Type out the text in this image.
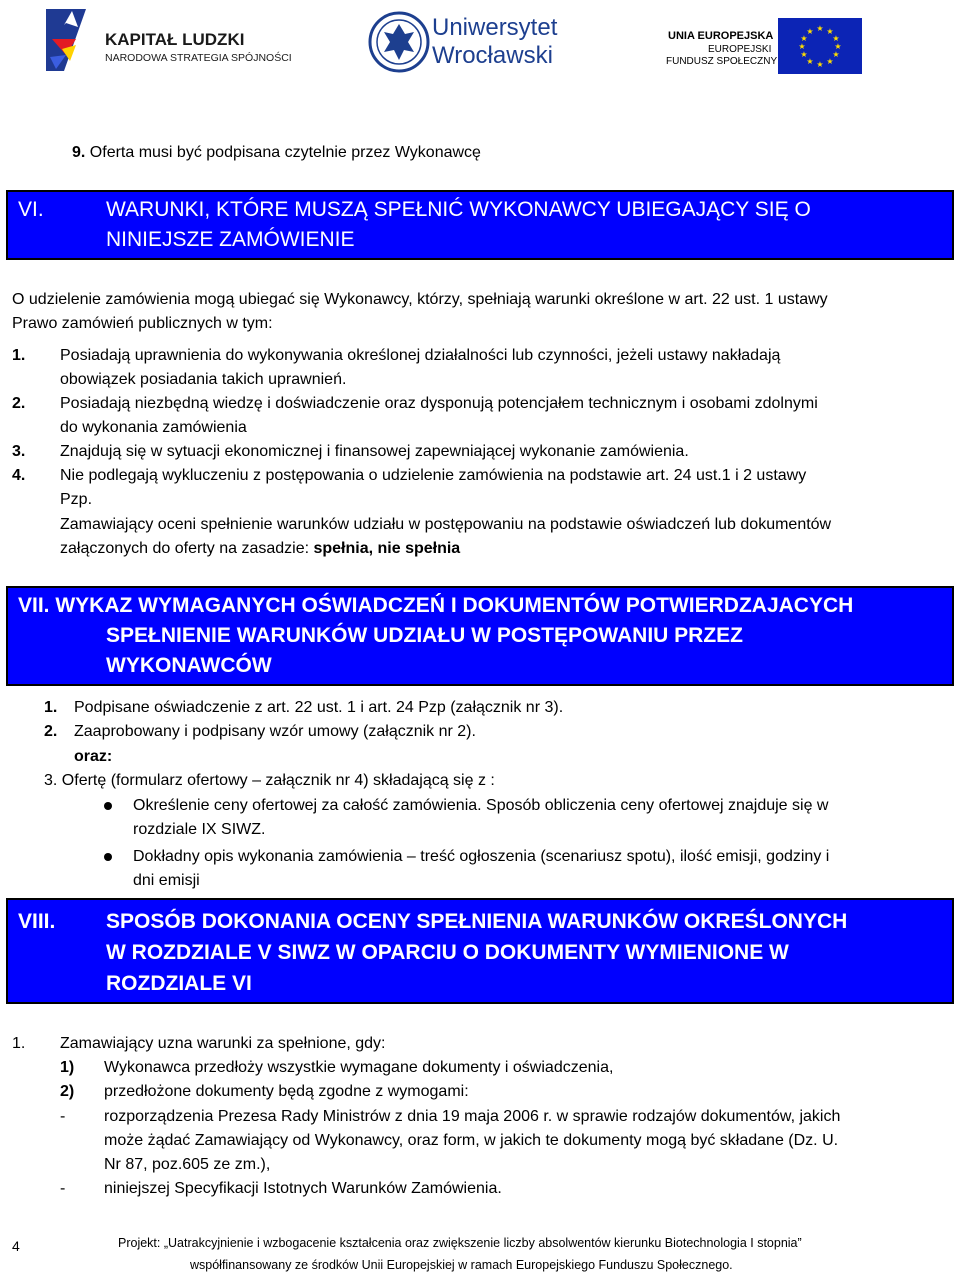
KAPITAŁ LUDZKI
NARODOWA STRATEGIA SPÓJNOŚCI
Uniwersytet
Wrocławski
UNIA EUROPEJSKA
EUROPEJSKI
FUNDUSZ SPOŁECZNY
★ ★
★
★
★
★
★
★
★
★
★
★
9. Oferta musi być podpisana czytelnie przez Wykonawcę
VI.	WARUNKI, KTÓRE MUSZĄ SPEŁNIĆ WYKONAWCY UBIEGAJĄCY SIĘ O
NINIEJSZE ZAMÓWIENIE
O udzielenie zamówienia mogą ubiegać się Wykonawcy, którzy, spełniają warunki określone w art. 22 ust. 1 ustawy
Prawo zamówień publicznych w tym:
1. Posiadają uprawnienia do wykonywania określonej działalności lub czynności, jeżeli ustawy nakładają
obowiązek posiadania takich uprawnień.
2. Posiadają niezbędną wiedzę i doświadczenie oraz dysponują potencjałem technicznym i osobami zdolnymi
do wykonania zamówienia
3. Znajdują się w sytuacji ekonomicznej i finansowej zapewniającej wykonanie zamówienia.
4. Nie podlegają wykluczeniu z postępowania o udzielenie zamówienia na podstawie art. 24 ust.1 i 2 ustawy
Pzp.
Zamawiający oceni spełnienie warunków udziału w postępowaniu na podstawie oświadczeń lub dokumentów
załączonych do oferty na zasadzie: spełnia, nie spełnia
VII. WYKAZ WYMAGANYCH OŚWIADCZEŃ I DOKUMENTÓW POTWIERDZAJACYCH
SPEŁNIENIE WARUNKÓW UDZIAŁU W POSTĘPOWANIU PRZEZ
WYKONAWCÓW
1. Podpisane oświadczenie z art. 22 ust. 1 i art. 24 Pzp (załącznik nr 3).
2. Zaaprobowany i podpisany wzór umowy (załącznik nr 2).
oraz:
3. Ofertę (formularz ofertowy – załącznik nr 4) składającą się z :
Określenie ceny ofertowej za całość zamówienia. Sposób obliczenia ceny ofertowej znajduje się w
rozdziale IX SIWZ.
Dokładny opis wykonania zamówienia – treść ogłoszenia (scenariusz spotu), ilość emisji, godziny i
dni emisji
VIII. SPOSÓB DOKONANIA OCENY SPEŁNIENIA WARUNKÓW OKREŚLONYCH
W ROZDZIALE V SIWZ W OPARCIU O DOKUMENTY WYMIENIONE W
ROZDZIALE VI
1. Zamawiający uzna warunki za spełnione, gdy:
1) Wykonawca przedłoży wszystkie wymagane dokumenty i oświadczenia,
2) przedłożone dokumenty będą zgodne z wymogami:
- rozporządzenia Prezesa Rady Ministrów z dnia 19 maja 2006 r. w sprawie rodzajów dokumentów, jakich
może żądać Zamawiający od Wykonawcy, oraz form, w jakich te dokumenty mogą być składane (Dz. U.
Nr 87, poz.605 ze zm.),
- niniejszej Specyfikacji Istotnych Warunków Zamówienia.
4	Projekt: „Uatrakcyjnienie i wzbogacenie kształcenia oraz zwiększenie liczby absolwentów kierunku Biotechnologia I stopnia”
współfinansowany ze środków Unii Europejskiej w ramach Europejskiego Funduszu Społecznego.
